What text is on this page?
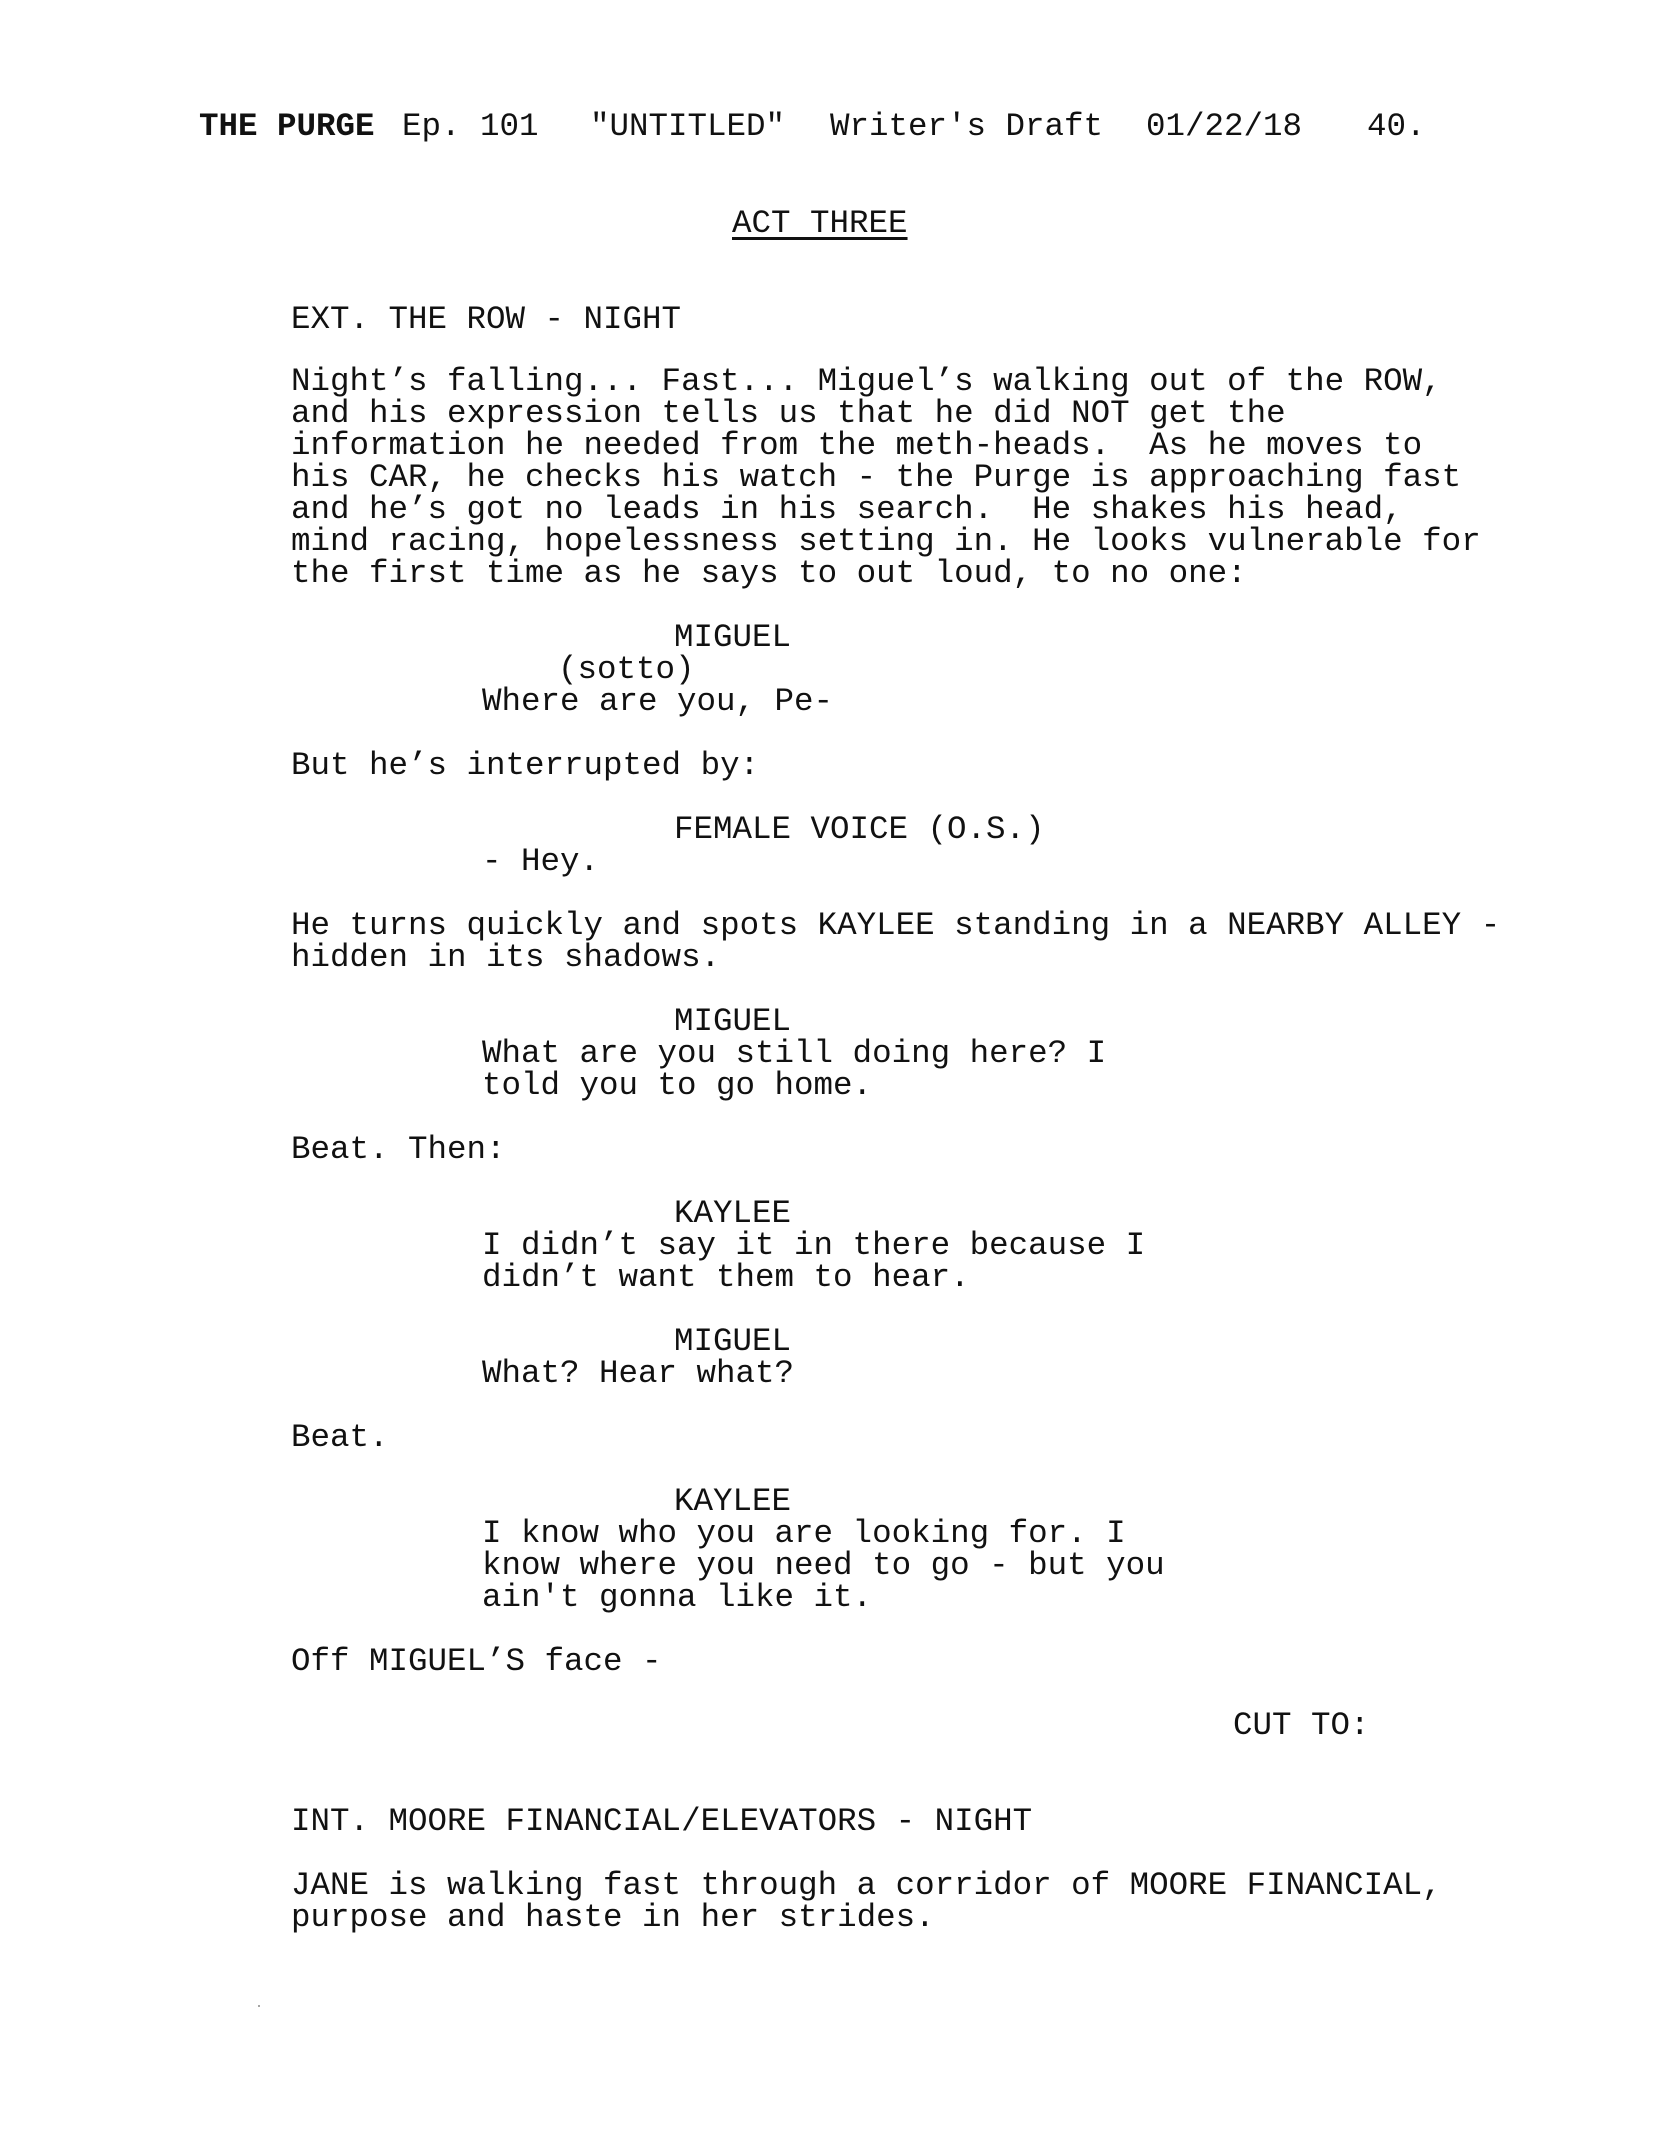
THE PURGE Ep. 101 "UNTITLED" Writer's Draft 01/22/18 40.
ACT THREE
EXT. THE ROW - NIGHT
Night’s falling... Fast... Miguel’s walking out of the ROW,
and his expression tells us that he did NOT get the
information he needed from the meth-heads.  As he moves to
his CAR, he checks his watch - the Purge is approaching fast
and he’s got no leads in his search.  He shakes his head,
mind racing, hopelessness setting in. He looks vulnerable for
the first time as he says to out loud, to no one:
MIGUEL
(sotto)
Where are you, Pe-
But he’s interrupted by:
FEMALE VOICE (O.S.)
- Hey.
He turns quickly and spots KAYLEE standing in a NEARBY ALLEY -
hidden in its shadows.
MIGUEL
What are you still doing here? I
told you to go home.
Beat. Then:
KAYLEE
I didn’t say it in there because I
didn’t want them to hear.
MIGUEL
What? Hear what?
Beat.
KAYLEE
I know who you are looking for. I
know where you need to go - but you
ain't gonna like it.
Off MIGUEL’S face -
CUT TO:
INT. MOORE FINANCIAL/ELEVATORS - NIGHT
JANE is walking fast through a corridor of MOORE FINANCIAL,
purpose and haste in her strides.
